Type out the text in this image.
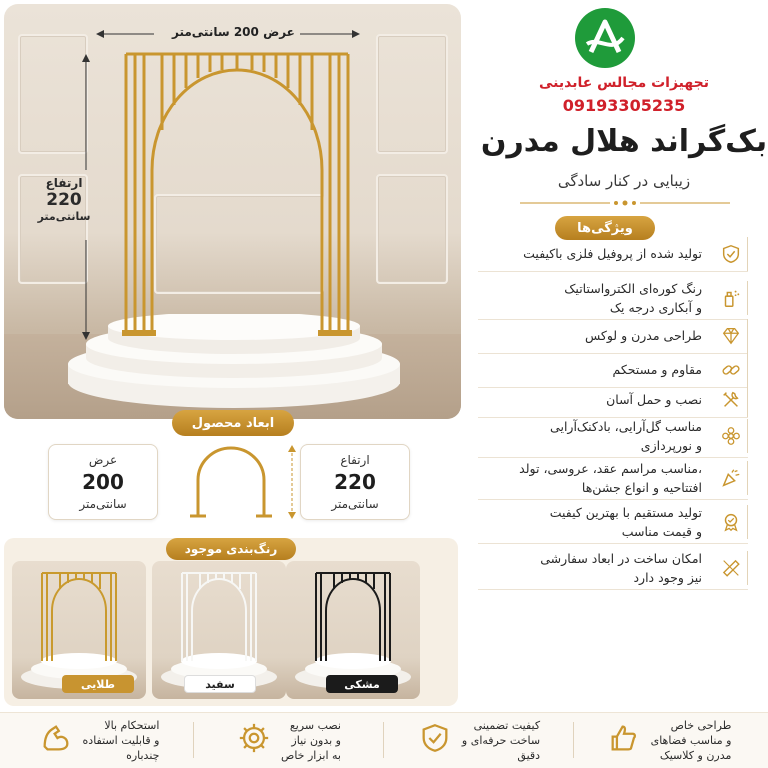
عرض 200 سانتی‌متر
ارتفاع
220
سانتی‌متر
تجهیزات مجالس عابدینی
09193305235
بک‌گراند هلال مدرن
زیبایی در کنار سادگی
ویژگی‌ها
تولید شده از پروفیل فلزی باکیفیت
رنگ کوره‌ای الکترواستاتیک
و آبکاری درجه یک
طراحی مدرن و لوکس
مقاوم و مستحکم
نصب و حمل آسان
مناسب گل‌آرایی، بادکنک‌آرایی
و نورپردازی
مناسب مراسم عقد، عروسی، تولد،
افتتاحیه و انواع جشن‌ها
تولید مستقیم با بهترین کیفیت
و قیمت مناسب
امکان ساخت در ابعاد سفارشی
نیز وجود دارد
ابعاد محصول
عرض
200
سانتی‌متر
ارتفاع
220
سانتی‌متر
رنگ‌بندی موجود
طلایی	سفید	مشکی
طراحی خاص
و مناسب فضاهای
مدرن و کلاسیک
کیفیت تضمینی
ساخت حرفه‌ای و
دقیق
نصب سریع
و بدون نیاز
به ابزار خاص
استحکام بالا
و قابلیت استفاده
چندباره
